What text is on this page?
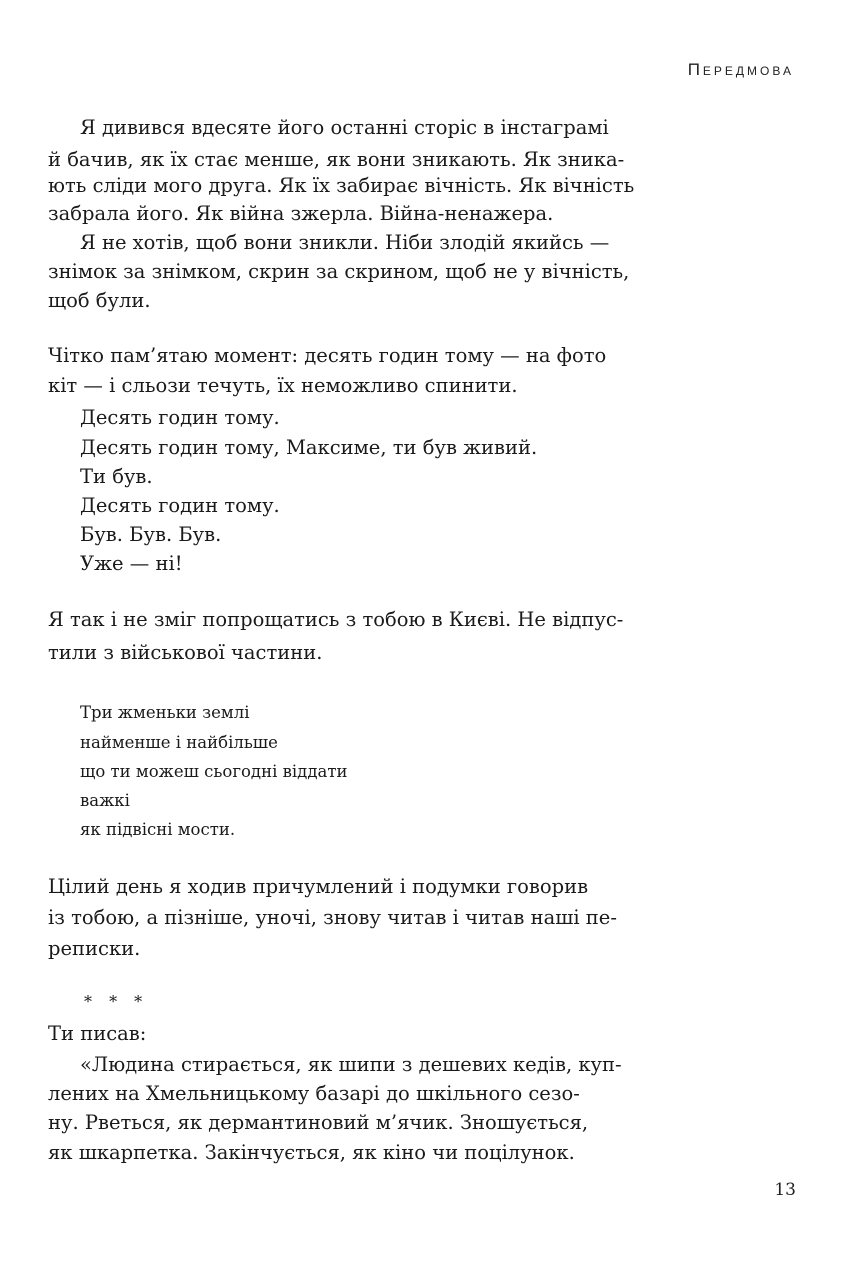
Передмова
Я дивився вдесяте його останні сторіс в інстаграмі
й бачив, як їх стає менше, як вони зникають. Як зника-
ють сліди мого друга. Як їх забирає вічність. Як вічність
забрала його. Як війна зжерла. Війна-ненажера.
Я не хотів, щоб вони зникли. Ніби злодій якийсь —
знімок за знімком, скрин за скрином, щоб не у вічність,
щоб були.
Чітко пам’ятаю момент: десять годин тому — на фото
кіт — і сльози течуть, їх неможливо спинити.
Десять годин тому.
Десять годин тому, Максиме, ти був живий.
Ти був.
Десять годин тому.
Був. Був. Був.
Уже — ні!
Я так і не зміг попрощатись з тобою в Києві. Не відпус-
тили з військової частини.
Три жменьки землі
найменше і найбільше
що ти можеш сьогодні віддати
важкі
як підвісні мости.
Цілий день я ходив причумлений і подумки говорив
із тобою, а пізніше, уночі, знову читав і читав наші пе-
реписки.
* * *
Ти писав:
«Людина стирається, як шипи з дешевих кедів, куп-
лених на Хмельницькому базарі до шкільного сезо-
ну. Рветься, як дермантиновий м’ячик. Зношується,
як шкарпетка. Закінчується, як кіно чи поцілунок.
13
